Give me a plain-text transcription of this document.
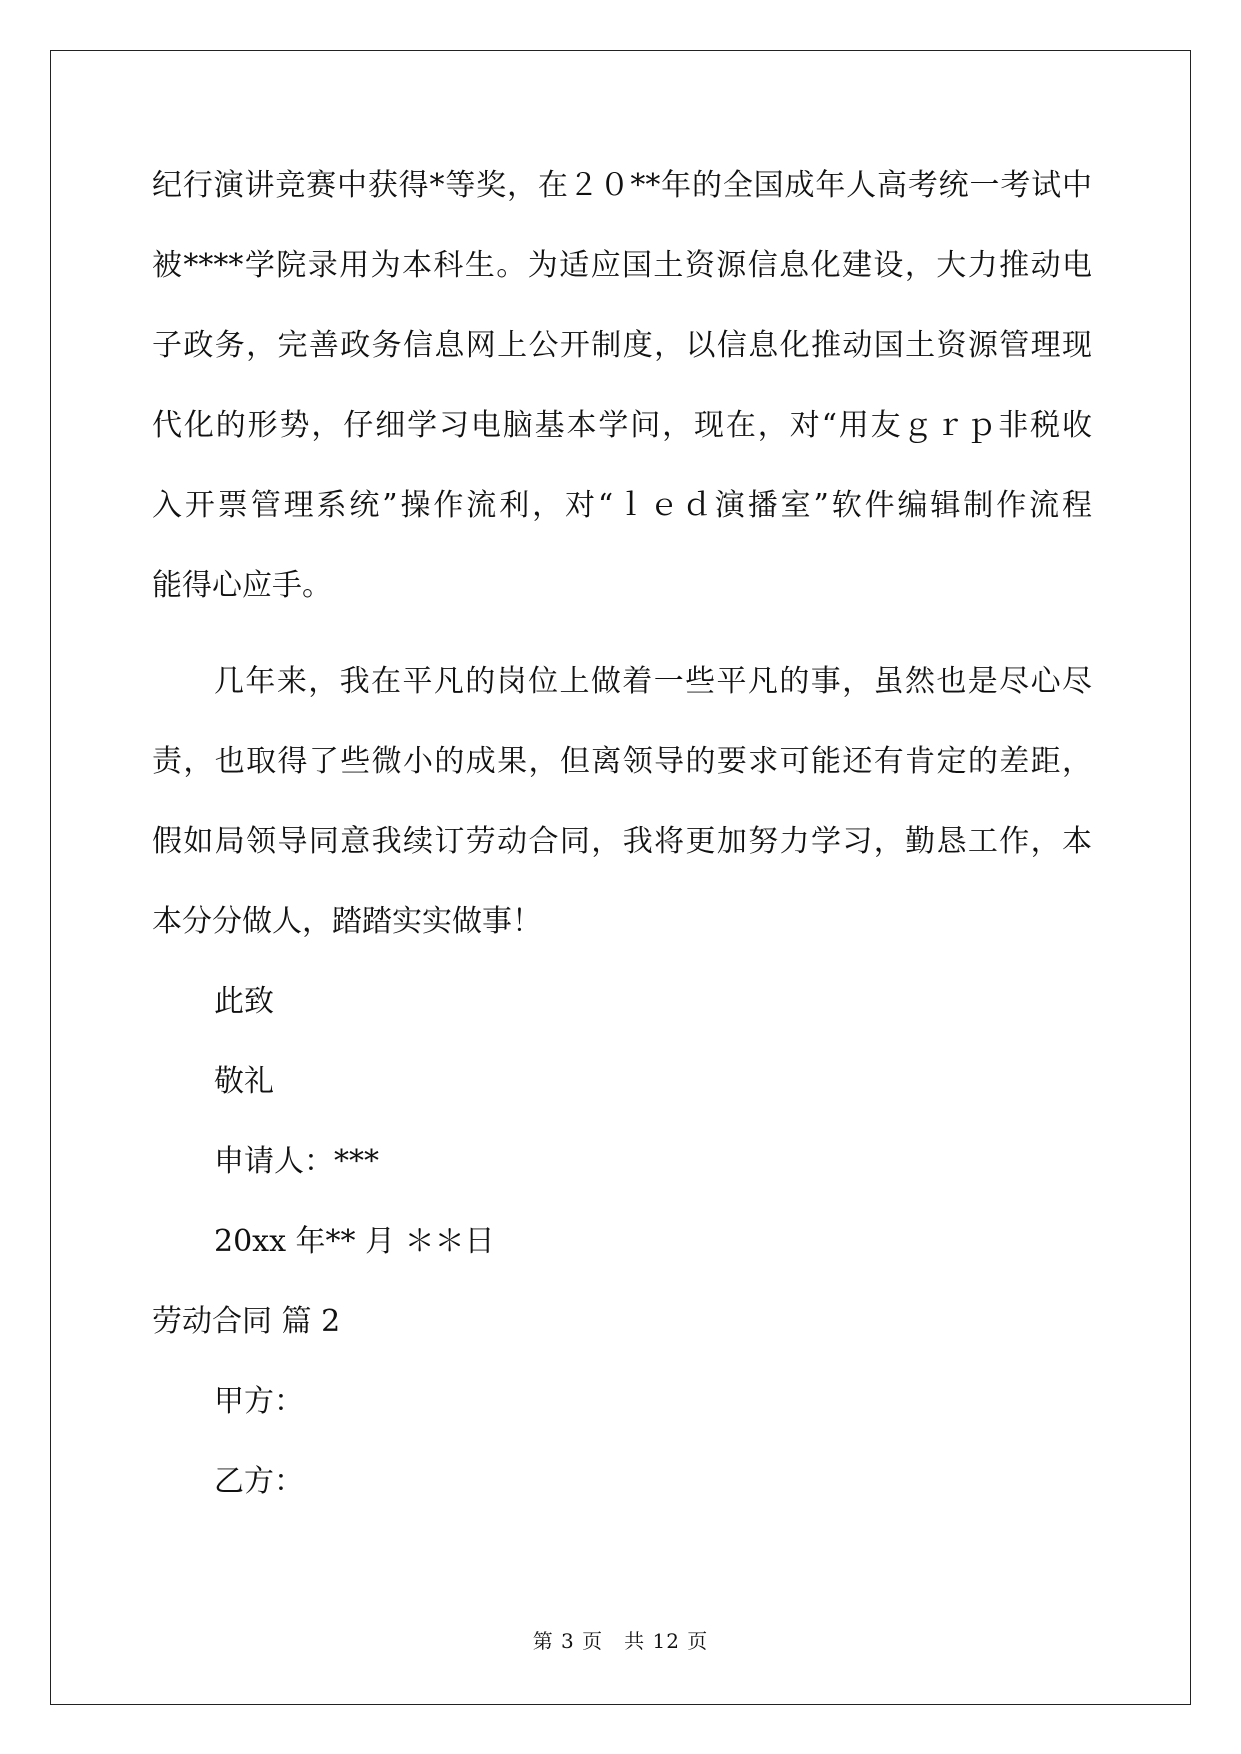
纪行演讲竞赛中获得*等奖，在２０**年的全国成年人高考统一考试中
被****学院录用为本科生。为适应国土资源信息化建设，大力推动电
子政务，完善政务信息网上公开制度，以信息化推动国土资源管理现
代化的形势，仔细学习电脑基本学问，现在，对“用友ｇｒｐ非税收
入开票管理系统”操作流利，对“ｌｅｄ演播室”软件编辑制作流程
能得心应手。
几年来，我在平凡的岗位上做着一些平凡的事，虽然也是尽心尽
责，也取得了些微小的成果，但离领导的要求可能还有肯定的差距，
假如局领导同意我续订劳动合同，我将更加努力学习，勤恳工作，本
本分分做人，踏踏实实做事！
此致
敬礼
申请人：***
20xx 年** 月 ＊＊日
劳动合同 篇 2
甲方：
乙方：
第 3 页　共 12 页
